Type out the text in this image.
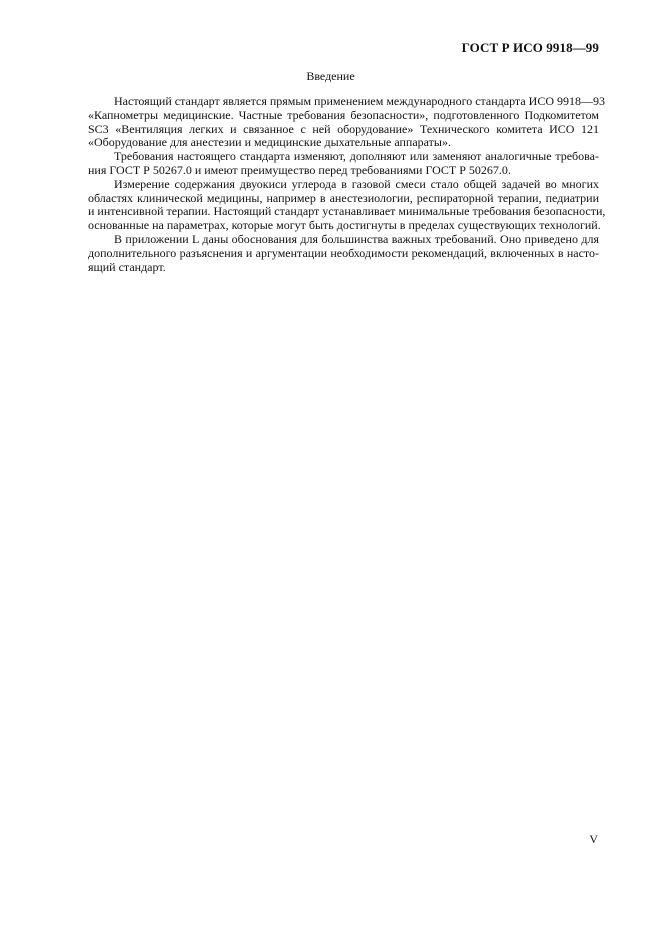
ГОСТ Р ИСО 9918—99
Введение

Настоящий стандарт является прямым применением международного стандарта ИСО 9918—93
«Капнометры медицинские. Частные требования безопасности», подготовленного Подкомитетом
SC3 «Вентиляция легких и связанное с ней оборудование» Технического комитета ИСО 121
«Оборудование для анестезии и медицинские дыхательные аппараты».

Требования настоящего стандарта изменяют, дополняют или заменяют аналогичные требова-
ния ГОСТ Р 50267.0 и имеют преимущество перед требованиями ГОСТ Р 50267.0.

Измерение содержания двуокиси углерода в газовой смеси стало общей задачей во многих
областях клинической медицины, например в анестезиологии, респираторной терапии, педиатрии
и интенсивной терапии. Настоящий стандарт устанавливает минимальные требования безопасности,
основанные на параметрах, которые могут быть достигнуты в пределах существующих технологий.

В приложении L даны обоснования для большинства важных требований. Оно приведено для
дополнительного разъяснения и аргументации необходимости рекомендаций, включенных в насто-
ящий стандарт.

V
